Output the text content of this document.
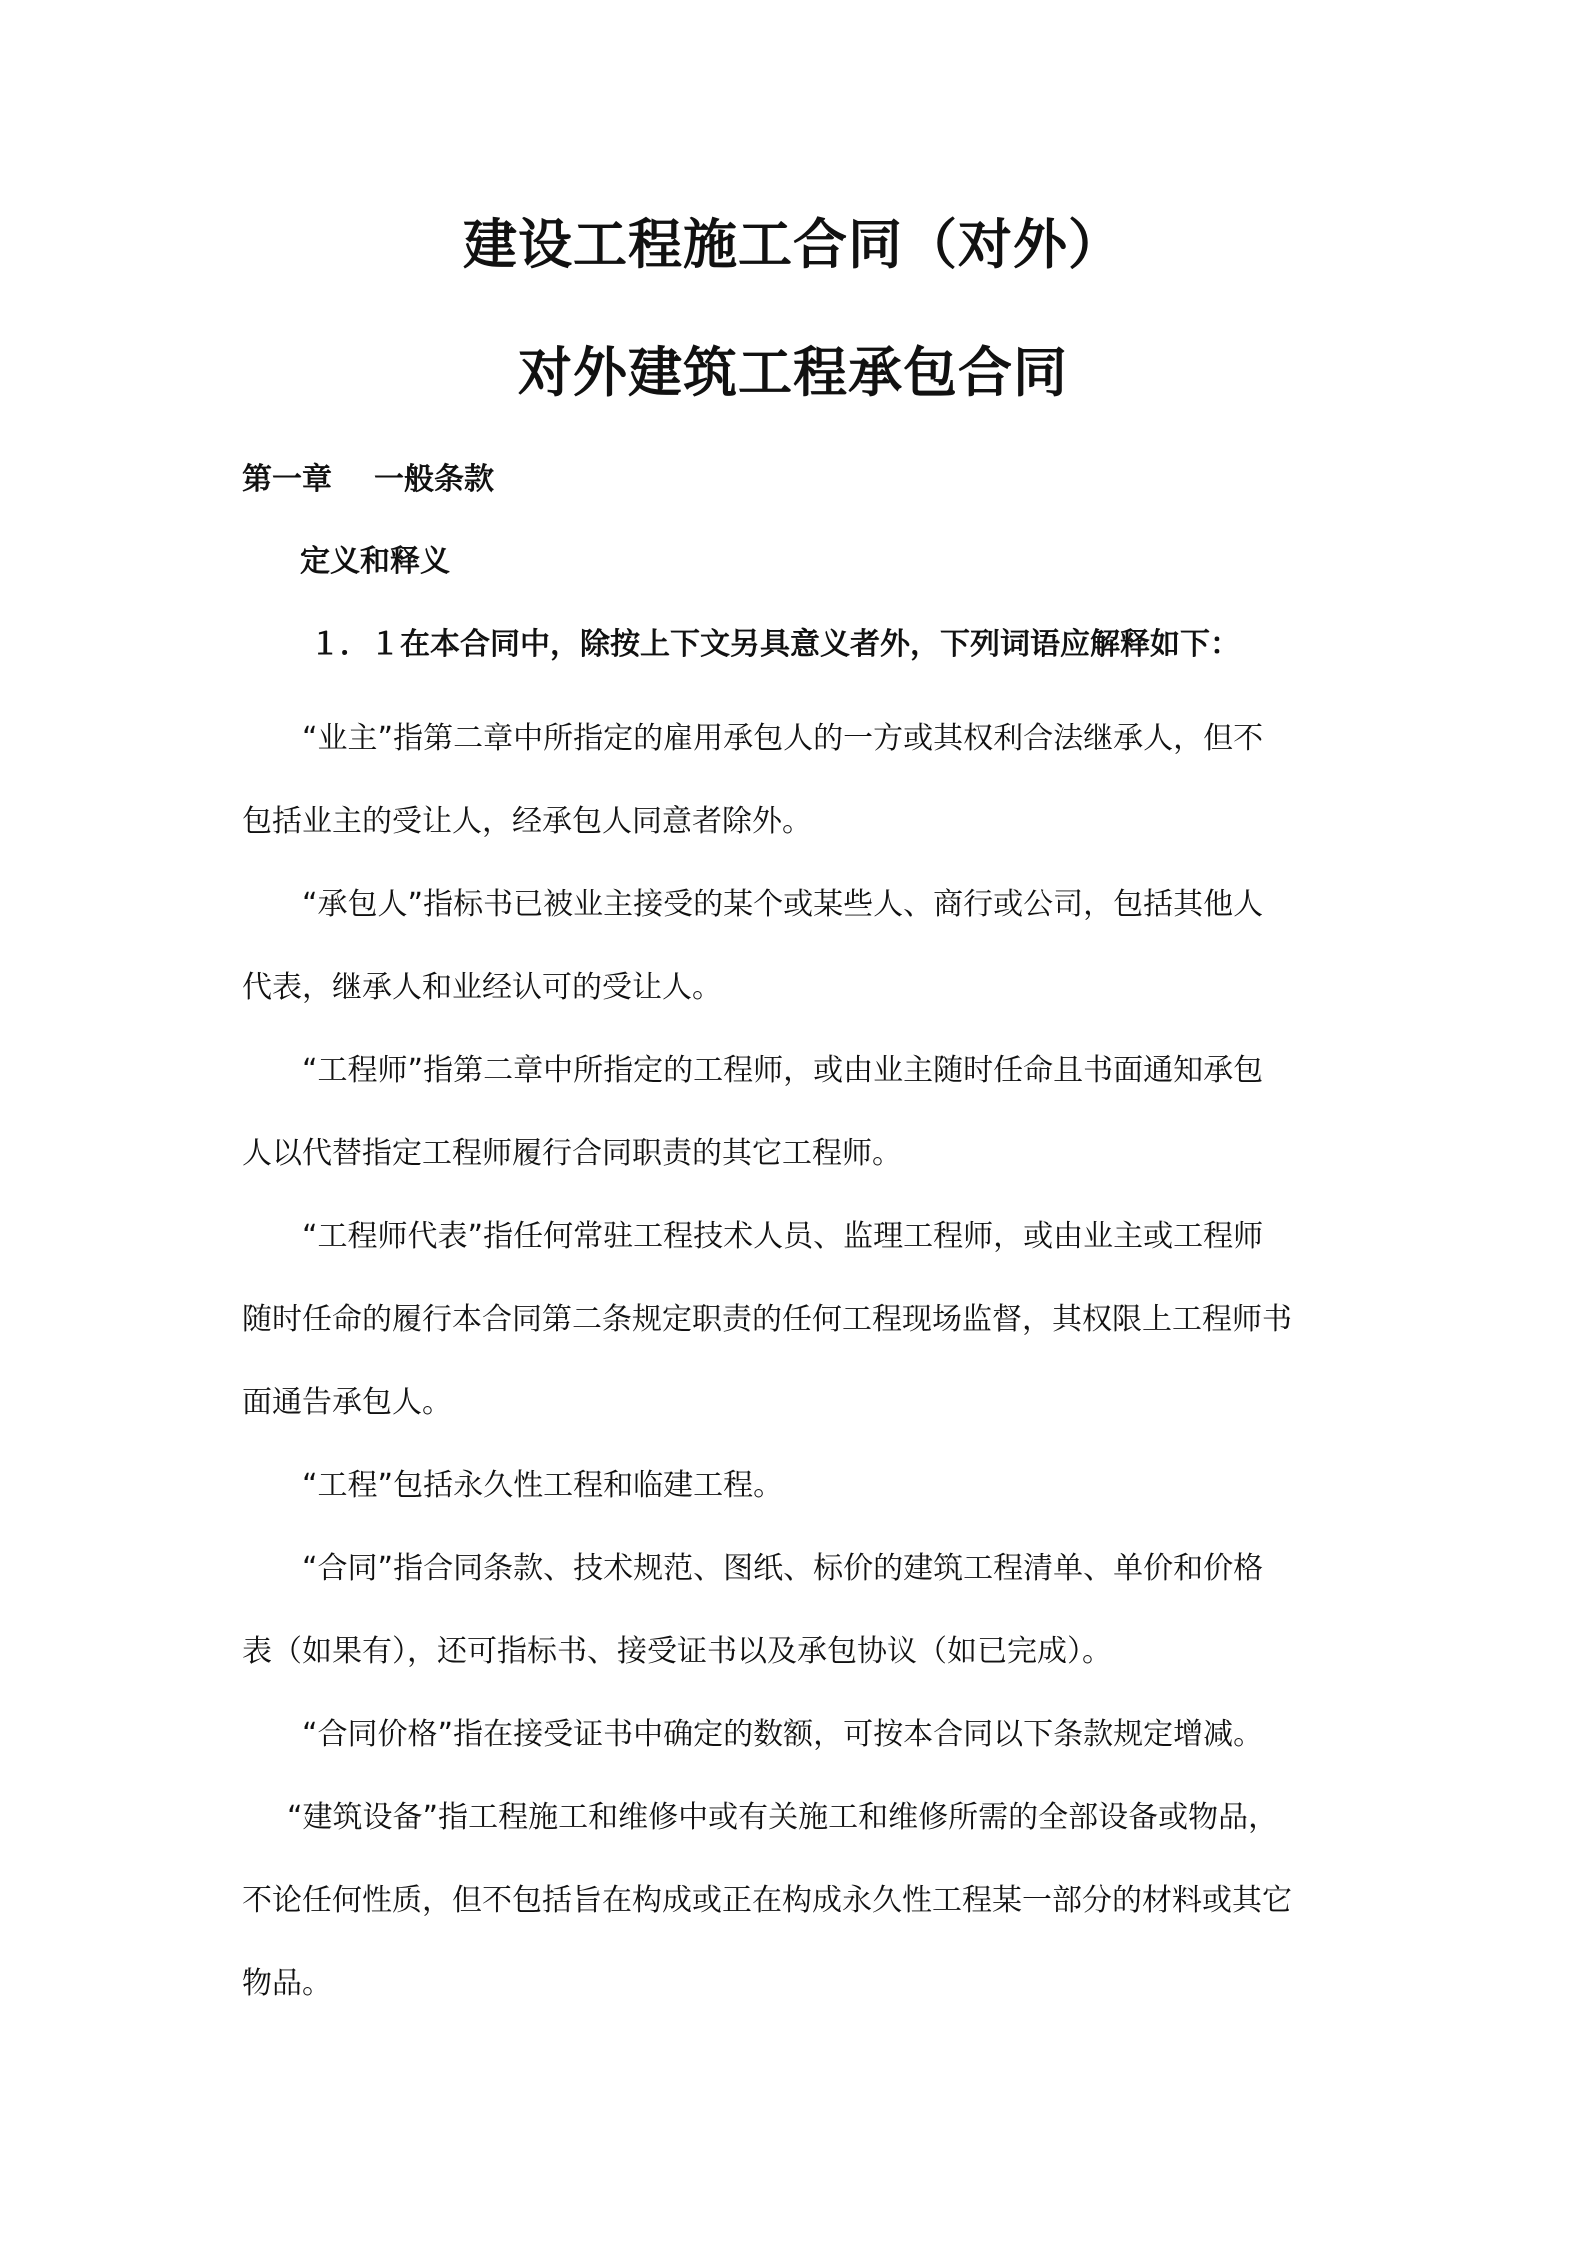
建设工程施工合同（对外）
对外建筑工程承包合同
第一章 一般条款
定义和释义
１．１在本合同中，除按上下文另具意义者外，下列词语应解释如下：

“业主”指第二章中所指定的雇用承包人的一方或其权利合法继承人，但不
包括业主的受让人，经承包人同意者除外。

“承包人”指标书已被业主接受的某个或某些人、商行或公司，包括其他人
代表，继承人和业经认可的受让人。

“工程师”指第二章中所指定的工程师，或由业主随时任命且书面通知承包
人以代替指定工程师履行合同职责的其它工程师。

“工程师代表”指任何常驻工程技术人员、监理工程师，或由业主或工程师
随时任命的履行本合同第二条规定职责的任何工程现场监督，其权限上工程师书
面通告承包人。

“工程”包括永久性工程和临建工程。

“合同”指合同条款、技术规范、图纸、标价的建筑工程清单、单价和价格
表（如果有），还可指标书、接受证书以及承包协议（如已完成）。

“合同价格”指在接受证书中确定的数额，可按本合同以下条款规定增减。

“建筑设备”指工程施工和维修中或有关施工和维修所需的全部设备或物品，
不论任何性质，但不包括旨在构成或正在构成永久性工程某一部分的材料或其它
物品。
